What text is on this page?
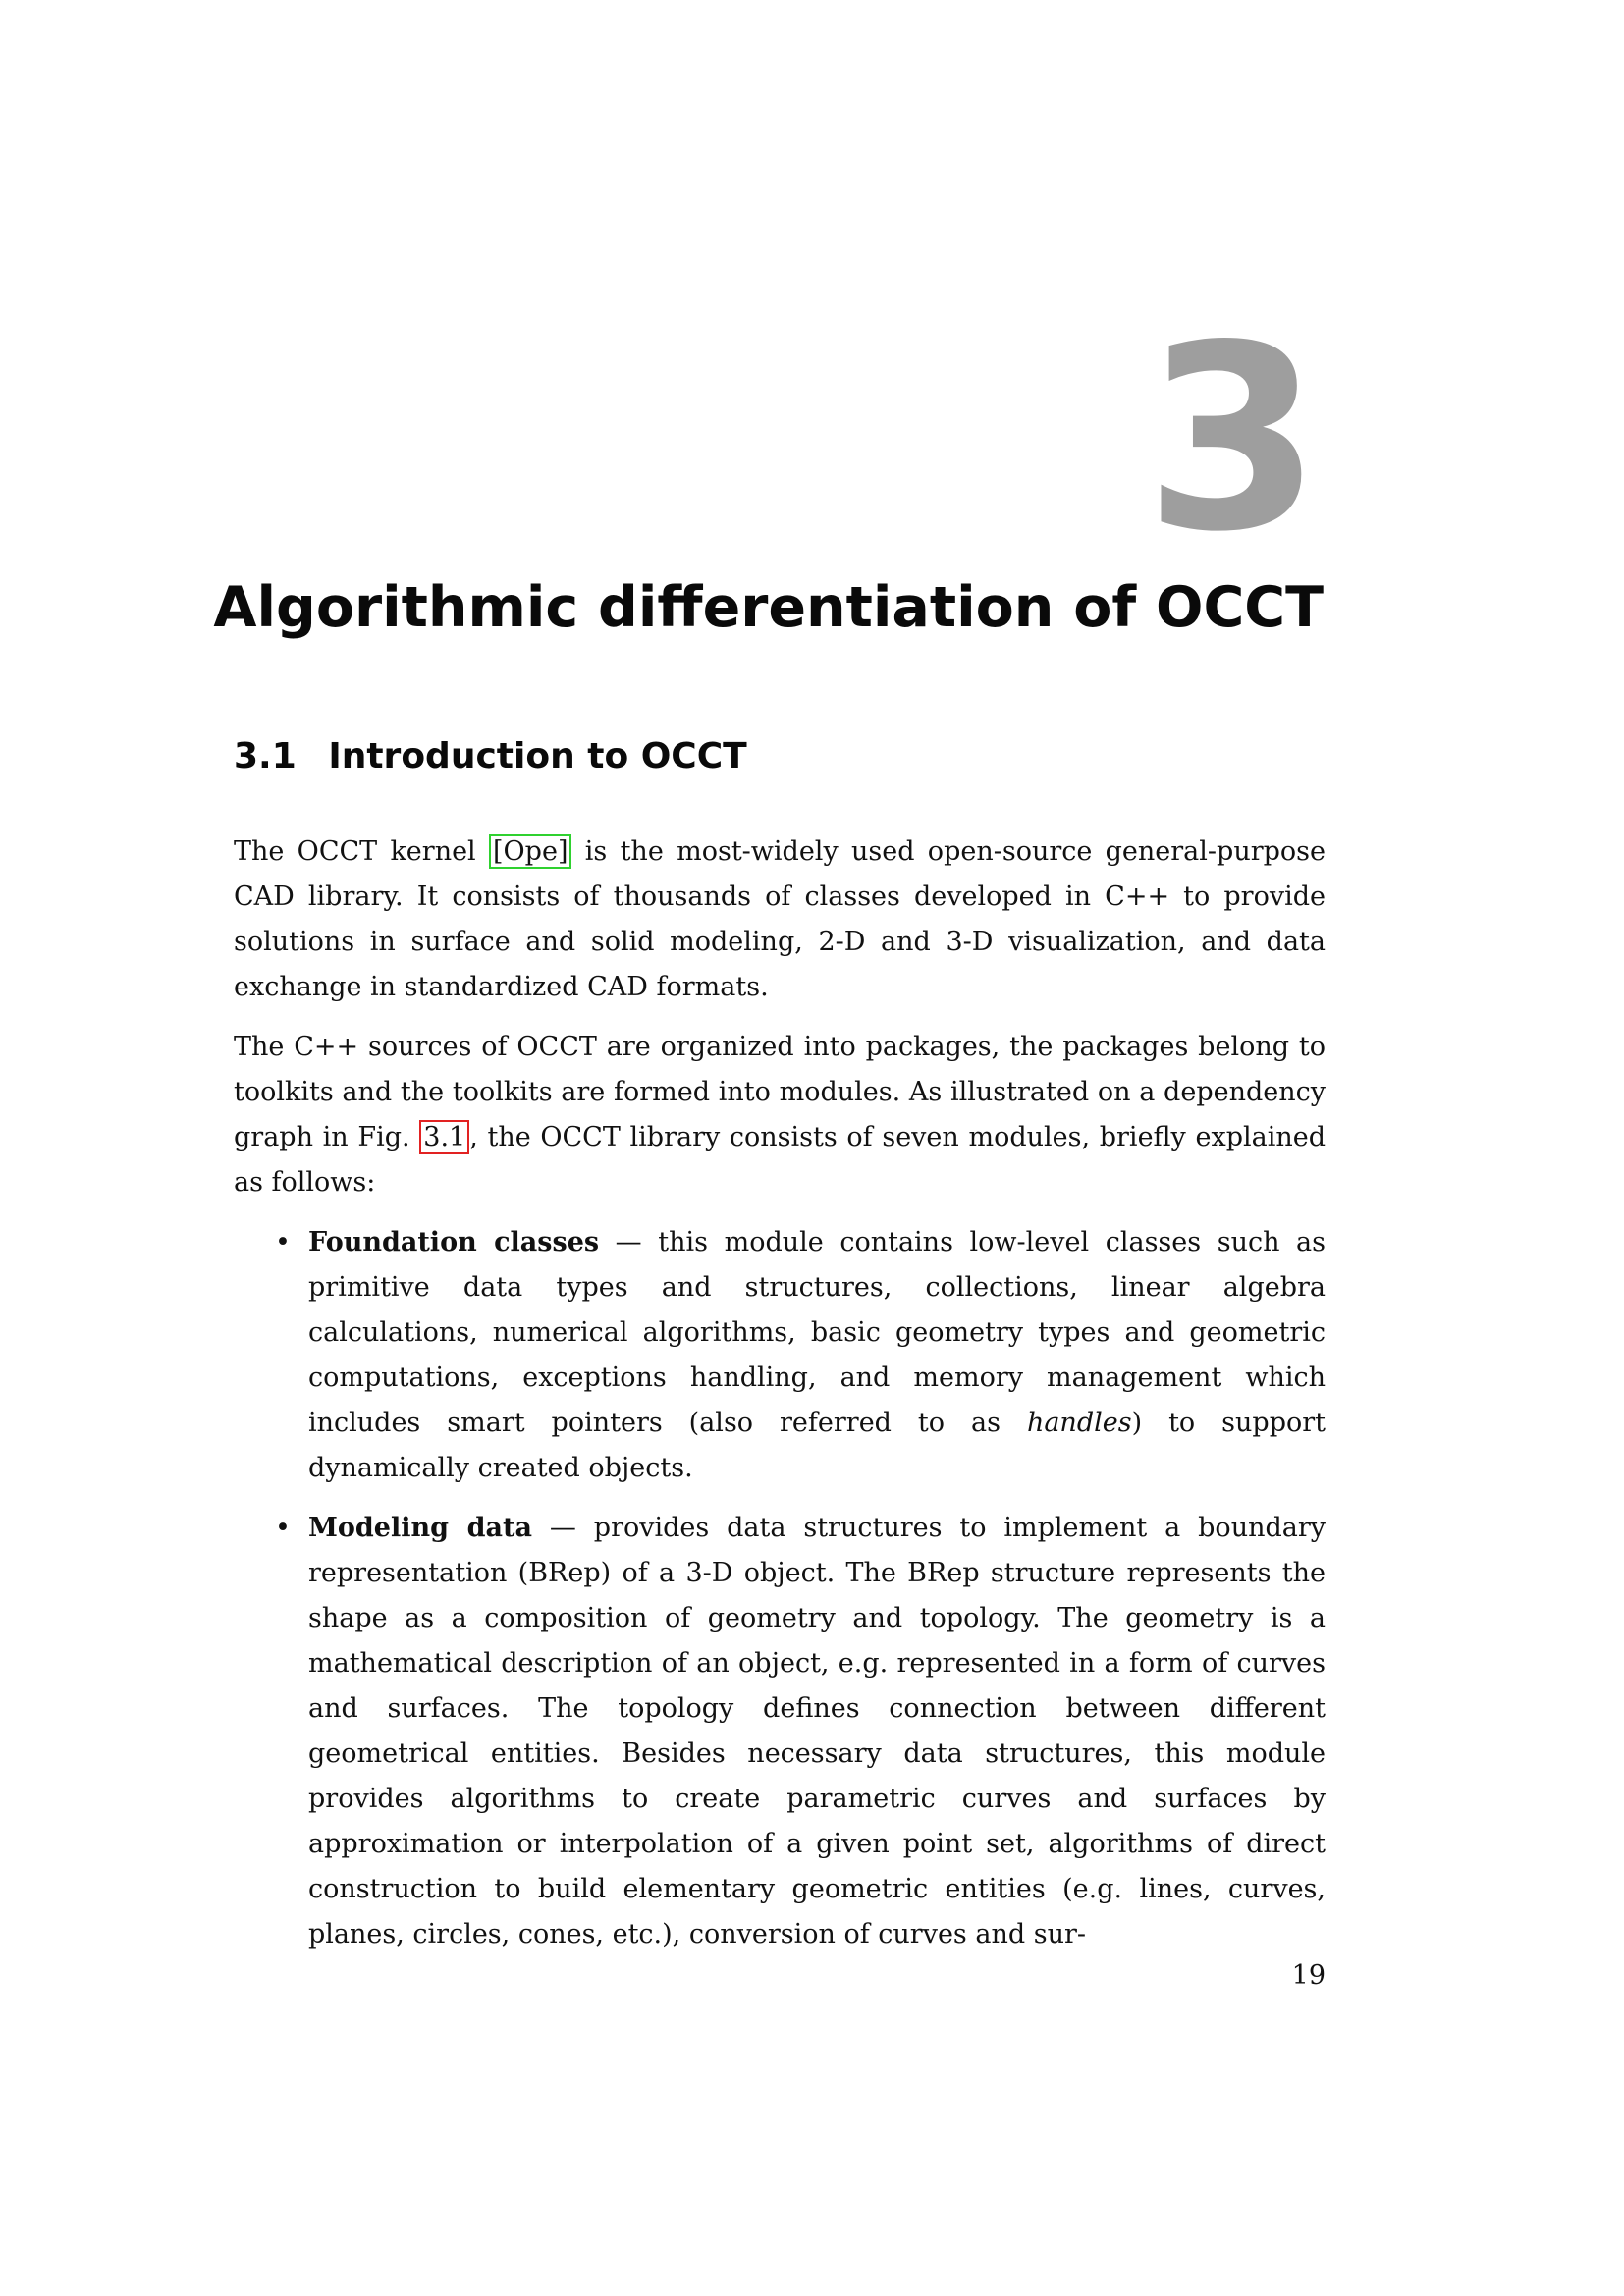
3
Algorithmic differentiation of OCCT
3.1 Introduction to OCCT

The OCCT kernel [Ope] is the most-widely used open-source general-purpose CAD library. It consists of thousands of classes developed in C++ to provide solutions in surface and solid modeling, 2-D and 3-D visualization, and data exchange in standardized CAD formats.

The C++ sources of OCCT are organized into packages, the packages belong to toolkits and the toolkits are formed into modules. As illustrated on a dependency graph in Fig. 3.1 , the OCCT library consists of seven modules, briefly explained as follows:

• Foundation classes — this module contains low-level classes such as primitive data types and structures, collections, linear algebra calculations, numerical algorithms, basic geometry types and geometric computations, exceptions handling, and memory management which includes smart pointers (also referred to as handles) to support dynamically created objects.
• Modeling data — provides data structures to implement a boundary representation (BRep) of a 3-D object. The BRep structure represents the shape as a composition of geometry and topology. The geometry is a mathematical description of an object, e.g. represented in a form of curves and surfaces. The topology defines connection between different geometrical entities. Besides necessary data structures, this module provides algorithms to create parametric curves and surfaces by approximation or interpolation of a given point set, algorithms of direct construction to build elementary geometric entities (e.g. lines, curves, planes, circles, cones, etc.), conversion of curves and sur-

19
